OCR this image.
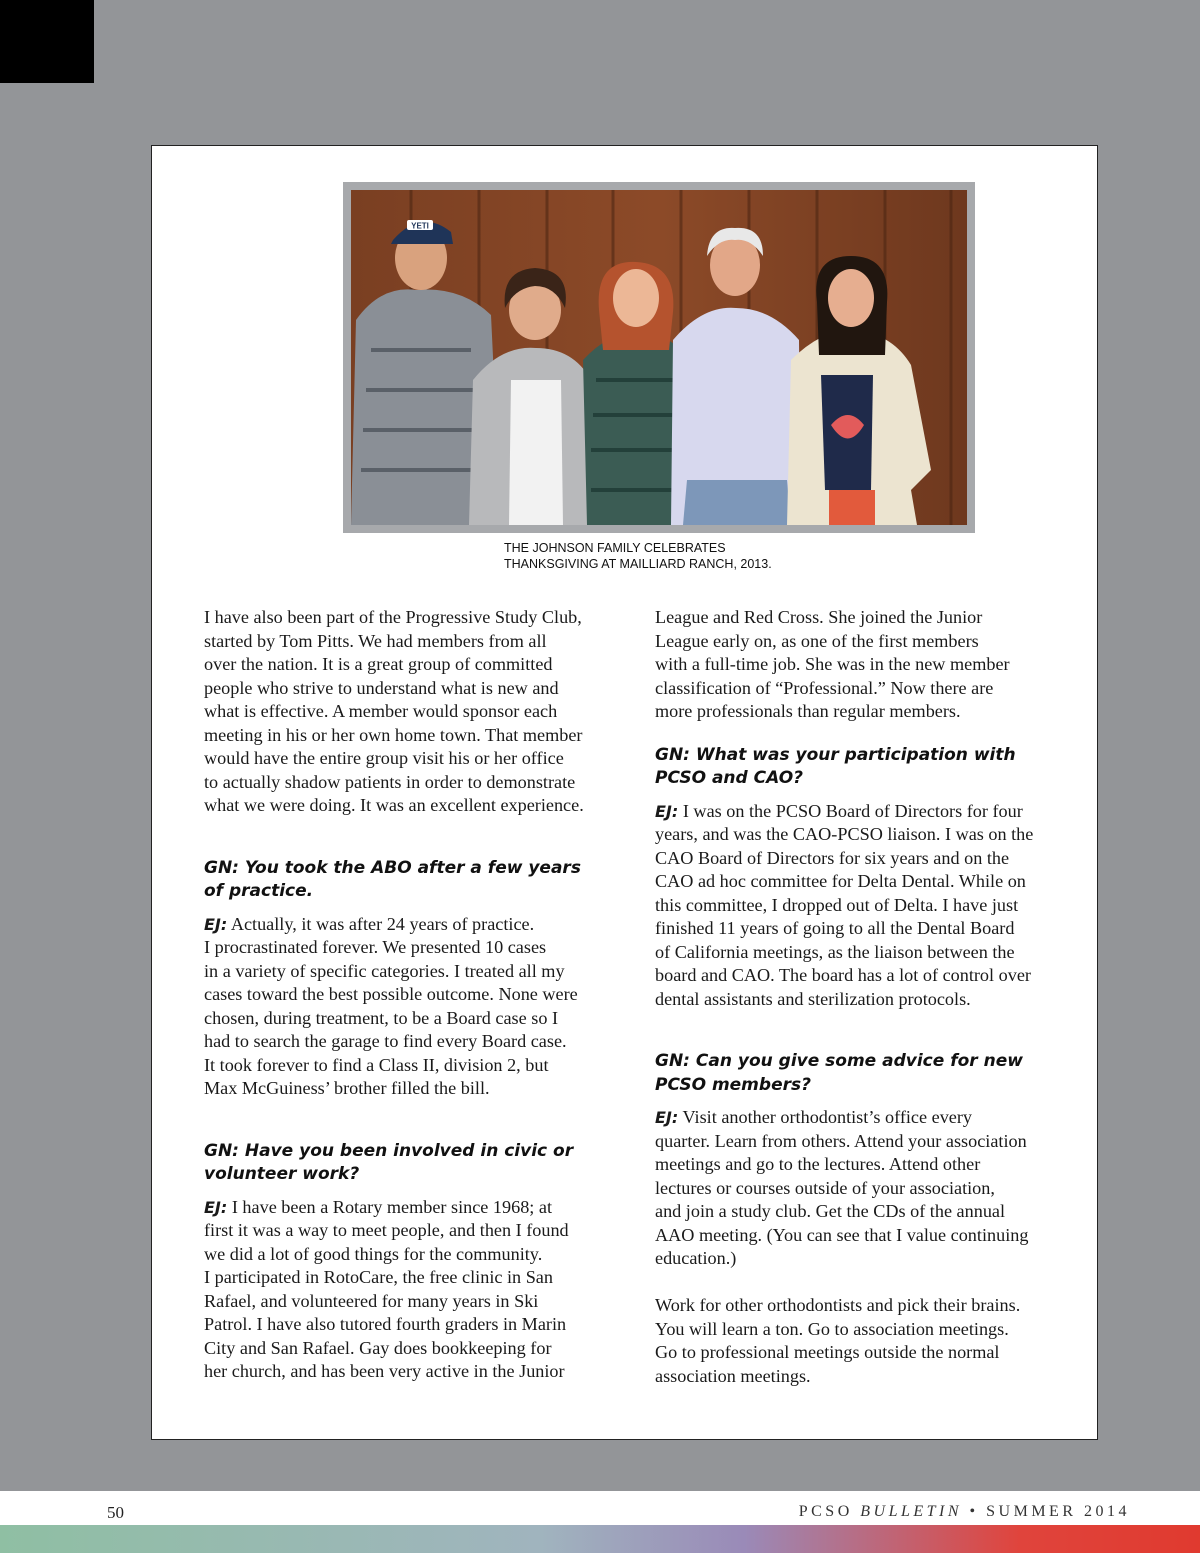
YETI

THE JOHNSON FAMILY CELEBRATES
THANKSGIVING AT MAILLIARD RANCH, 2013.

I have also been part of the Progressive Study Club,
started by Tom Pitts. We had members from all
over the nation. It is a great group of committed
people who strive to understand what is new and
what is effective. A member would sponsor each
meeting in his or her own home town. That member
would have the entire group visit his or her office
to actually shadow patients in order to demonstrate
what we were doing. It was an excellent experience.

GN: You took the ABO after a few years
of practice.

EJ: Actually, it was after 24 years of practice.
I procrastinated forever. We presented 10 cases
in a variety of specific categories. I treated all my
cases toward the best possible outcome. None were
chosen, during treatment, to be a Board case so I
had to search the garage to find every Board case.
It took forever to find a Class II, division 2, but
Max McGuiness’ brother filled the bill.

GN: Have you been involved in civic or
volunteer work?

EJ: I have been a Rotary member since 1968; at
first it was a way to meet people, and then I found
we did a lot of good things for the community.
I participated in RotoCare, the free clinic in San
Rafael, and volunteered for many years in Ski
Patrol. I have also tutored fourth graders in Marin
City and San Rafael. Gay does bookkeeping for
her church, and has been very active in the Junior

League and Red Cross. She joined the Junior
League early on, as one of the first members
with a full-time job. She was in the new member
classification of “Professional.” Now there are
more professionals than regular members.

GN: What was your participation with
PCSO and CAO?

EJ: I was on the PCSO Board of Directors for four
years, and was the CAO-PCSO liaison. I was on the
CAO Board of Directors for six years and on the
CAO ad hoc committee for Delta Dental. While on
this committee, I dropped out of Delta. I have just
finished 11 years of going to all the Dental Board
of California meetings, as the liaison between the
board and CAO. The board has a lot of control over
dental assistants and sterilization protocols.

GN: Can you give some advice for new
PCSO members?

EJ: Visit another orthodontist’s office every
quarter. Learn from others. Attend your association
meetings and go to the lectures. Attend other
lectures or courses outside of your association,
and join a study club. Get the CDs of the annual
AAO meeting. (You can see that I value continuing
education.)

Work for other orthodontists and pick their brains.
You will learn a ton. Go to association meetings.
Go to professional meetings outside the normal
association meetings.

50	PCSO BULLETIN • SUMMER 2014
